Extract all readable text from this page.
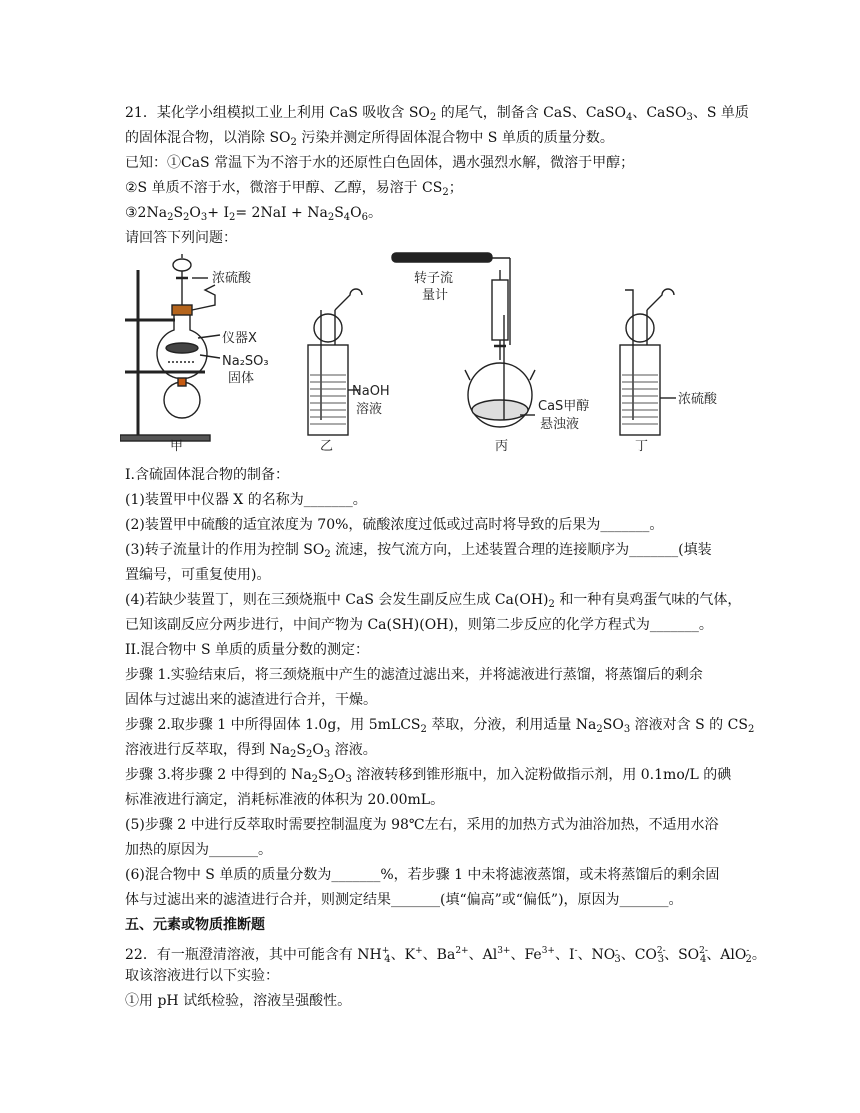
21．某化学小组模拟工业上利用 CaS 吸收含 $SO_2$ 的尾气，制备含 CaS、CaSO$_4$、CaSO$_3$、S 单质
的固体混合物，以消除 $SO_2$ 污染并测定所得固体混合物中 S 单质的质量分数。
已知：①CaS 常温下为不溶于水的还原性白色固体，遇水强烈水解，微溶于甲醇；
②S 单质不溶于水，微溶于甲醇、乙醇，易溶于 $CS_2$；
$③2Na_2S_2O_3+ I_2= 2NaI + Na_2S_4O_6$。
请回答下列问题：
浓硫酸
仪器X
Na₂SO₃
固体
转子流
量计
NaOH
溶液	CaS甲醇
悬浊液
浓硫酸
甲	乙	丙	丁
I.含硫固体混合物的制备：
(1)装置甲中仪器 X 的名称为_______。
(2)装置甲中硫酸的适宜浓度为 70%，硫酸浓度过低或过高时将导致的后果为_______。
(3)转子流量计的作用为控制 $SO_2$ 流速，按气流方向，上述装置合理的连接顺序为_______(填装
置编号，可重复使用)。
(4)若缺少装置丁，则在三颈烧瓶中 CaS 会发生副反应生成 $Ca(OH)_2$ 和一种有臭鸡蛋气味的气体，
已知该副反应分两步进行，中间产物为 Ca(SH)(OH)，则第二步反应的化学方程式为_______。
II.混合物中 S 单质的质量分数的测定：
步骤 1.实验结束后，将三颈烧瓶中产生的滤渣过滤出来，并将滤液进行蒸馏，将蒸馏后的剩余
固体与过滤出来的滤渣进行合并，干燥。
步骤 2.取步骤 1 中所得固体 1.0g，用 5mLCS$_2$ 萃取，分液，利用适量 $Na_2SO_3$ 溶液对含 S 的 $CS_2$
溶液进行反萃取，得到 $Na_2S_2O_3$ 溶液。
步骤 3.将步骤 2 中得到的 $Na_2S_2O_3$ 溶液转移到锥形瓶中，加入淀粉做指示剂，用 0.1mo/L 的碘
标准液进行滴定，消耗标准液的体积为 20.00mL。
(5)步骤 2 中进行反萃取时需要控制温度为 98℃左右，采用的加热方式为油浴加热，不适用水浴
加热的原因为_______。
(6)混合物中 S 单质的质量分数为_______%，若步骤 1 中未将滤液蒸馏，或未将蒸馏后的剩余固
体与过滤出来的滤渣进行合并，则测定结果_______(填“偏高”或“偏低”)，原因为_______。
五、元素或物质推断题
22．有一瓶澄清溶液，其中可能含有 $NH^+_4$、K+、$Ba^{2+}$、$Al^{3+}$、$Fe^{3+}$、I-、$NO^-_3$、$CO^{2-}_3$、$SO^{2-}_4$、AlO-$_2$。
取该溶液进行以下实验：
①用 pH 试纸检验，溶液呈强酸性。
